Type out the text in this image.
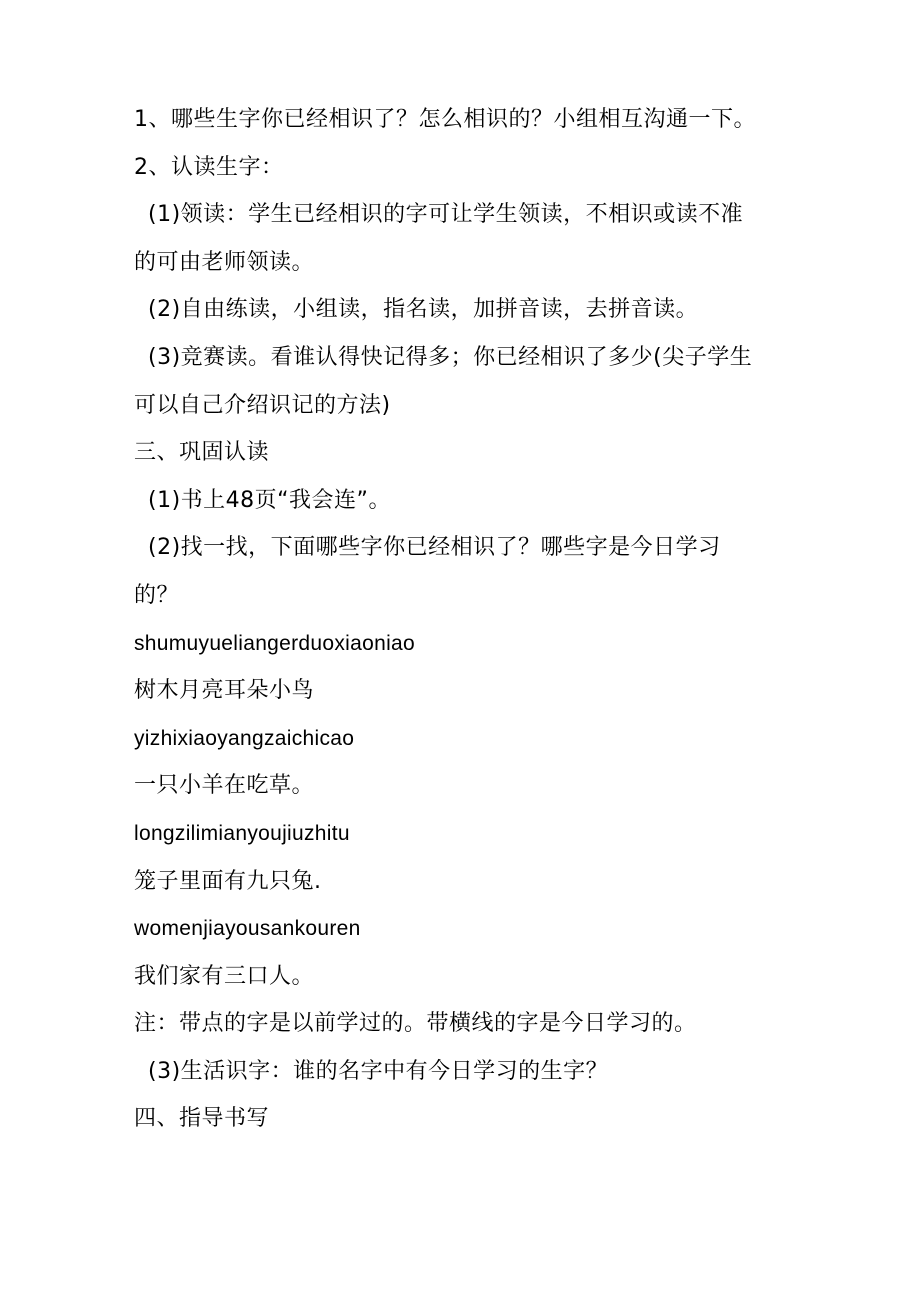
1、哪些生字你已经相识了？怎么相识的？小组相互沟通一下。
2、认读生字：
(1)领读：学生已经相识的字可让学生领读，不相识或读不准
的可由老师领读。
(2)自由练读，小组读，指名读，加拼音读，去拼音读。
(3)竞赛读。看谁认得快记得多；你已经相识了多少(尖子学生
可以自己介绍识记的方法)
三、巩固认读
(1)书上48页“我会连”。
(2)找一找，下面哪些字你已经相识了？哪些字是今日学习
的？
shumuyueliangerduoxiaoniao
树木月亮耳朵小鸟
yizhixiaoyangzaichicao
一只小羊在吃草。
longzilimianyoujiuzhitu
笼子里面有九只兔.
womenjiayousankouren
我们家有三口人。
注：带点的字是以前学过的。带横线的字是今日学习的。
(3)生活识字：谁的名字中有今日学习的生字？
四、指导书写
